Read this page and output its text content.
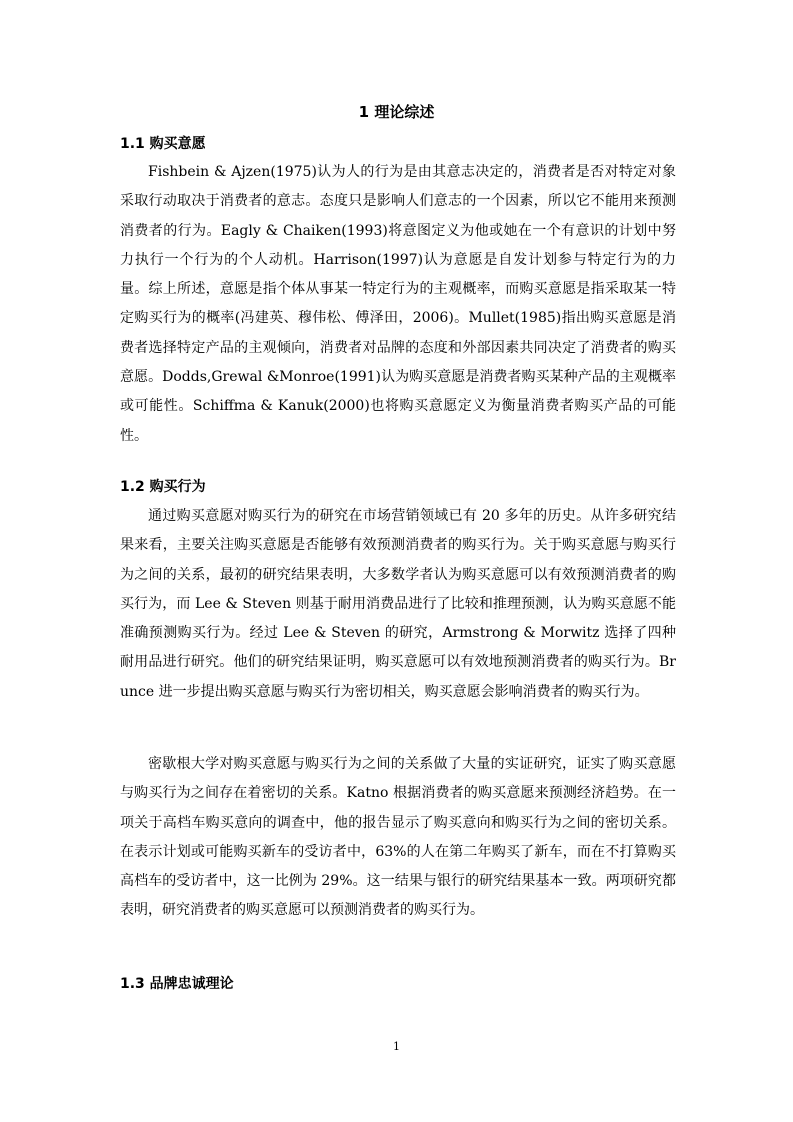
1 理论综述
1.1 购买意愿
Fishbein & Ajzen(1975)认为人的行为是由其意志决定的，消费者是否对特定对象采取行动取决于消费者的意志。态度只是影响人们意志的一个因素，所以它不能用来预测消费者的行为。Eagly & Chaiken(1993)将意图定义为他或她在一个有意识的计划中努力执行一个行为的个人动机。Harrison(1997)认为意愿是自发计划参与特定行为的力量。综上所述，意愿是指个体从事某一特定行为的主观概率，而购买意愿是指采取某一特定购买行为的概率(冯建英、穆伟松、傅泽田，2006)。Mullet(1985)指出购买意愿是消费者选择特定产品的主观倾向，消费者对品牌的态度和外部因素共同决定了消费者的购买意愿。Dodds,Grewal &Monroe(1991)认为购买意愿是消费者购买某种产品的主观概率或可能性。Schiffma & Kanuk(2000)也将购买意愿定义为衡量消费者购买产品的可能性。
1.2 购买行为
通过购买意愿对购买行为的研究在市场营销领域已有 20 多年的历史。从许多研究结果来看，主要关注购买意愿是否能够有效预测消费者的购买行为。关于购买意愿与购买行为之间的关系，最初的研究结果表明，大多数学者认为购买意愿可以有效预测消费者的购买行为，而 Lee & Steven 则基于耐用消费品进行了比较和推理预测，认为购买意愿不能准确预测购买行为。经过 Lee & Steven 的研究，Armstrong & Morwitz 选择了四种耐用品进行研究。他们的研究结果证明，购买意愿可以有效地预测消费者的购买行为。Brunce 进一步提出购买意愿与购买行为密切相关，购买意愿会影响消费者的购买行为。
密歇根大学对购买意愿与购买行为之间的关系做了大量的实证研究，证实了购买意愿与购买行为之间存在着密切的关系。Katno 根据消费者的购买意愿来预测经济趋势。在一项关于高档车购买意向的调查中，他的报告显示了购买意向和购买行为之间的密切关系。在表示计划或可能购买新车的受访者中，63%的人在第二年购买了新车，而在不打算购买高档车的受访者中，这一比例为 29%。这一结果与银行的研究结果基本一致。两项研究都表明，研究消费者的购买意愿可以预测消费者的购买行为。
1.3 品牌忠诚理论
1
